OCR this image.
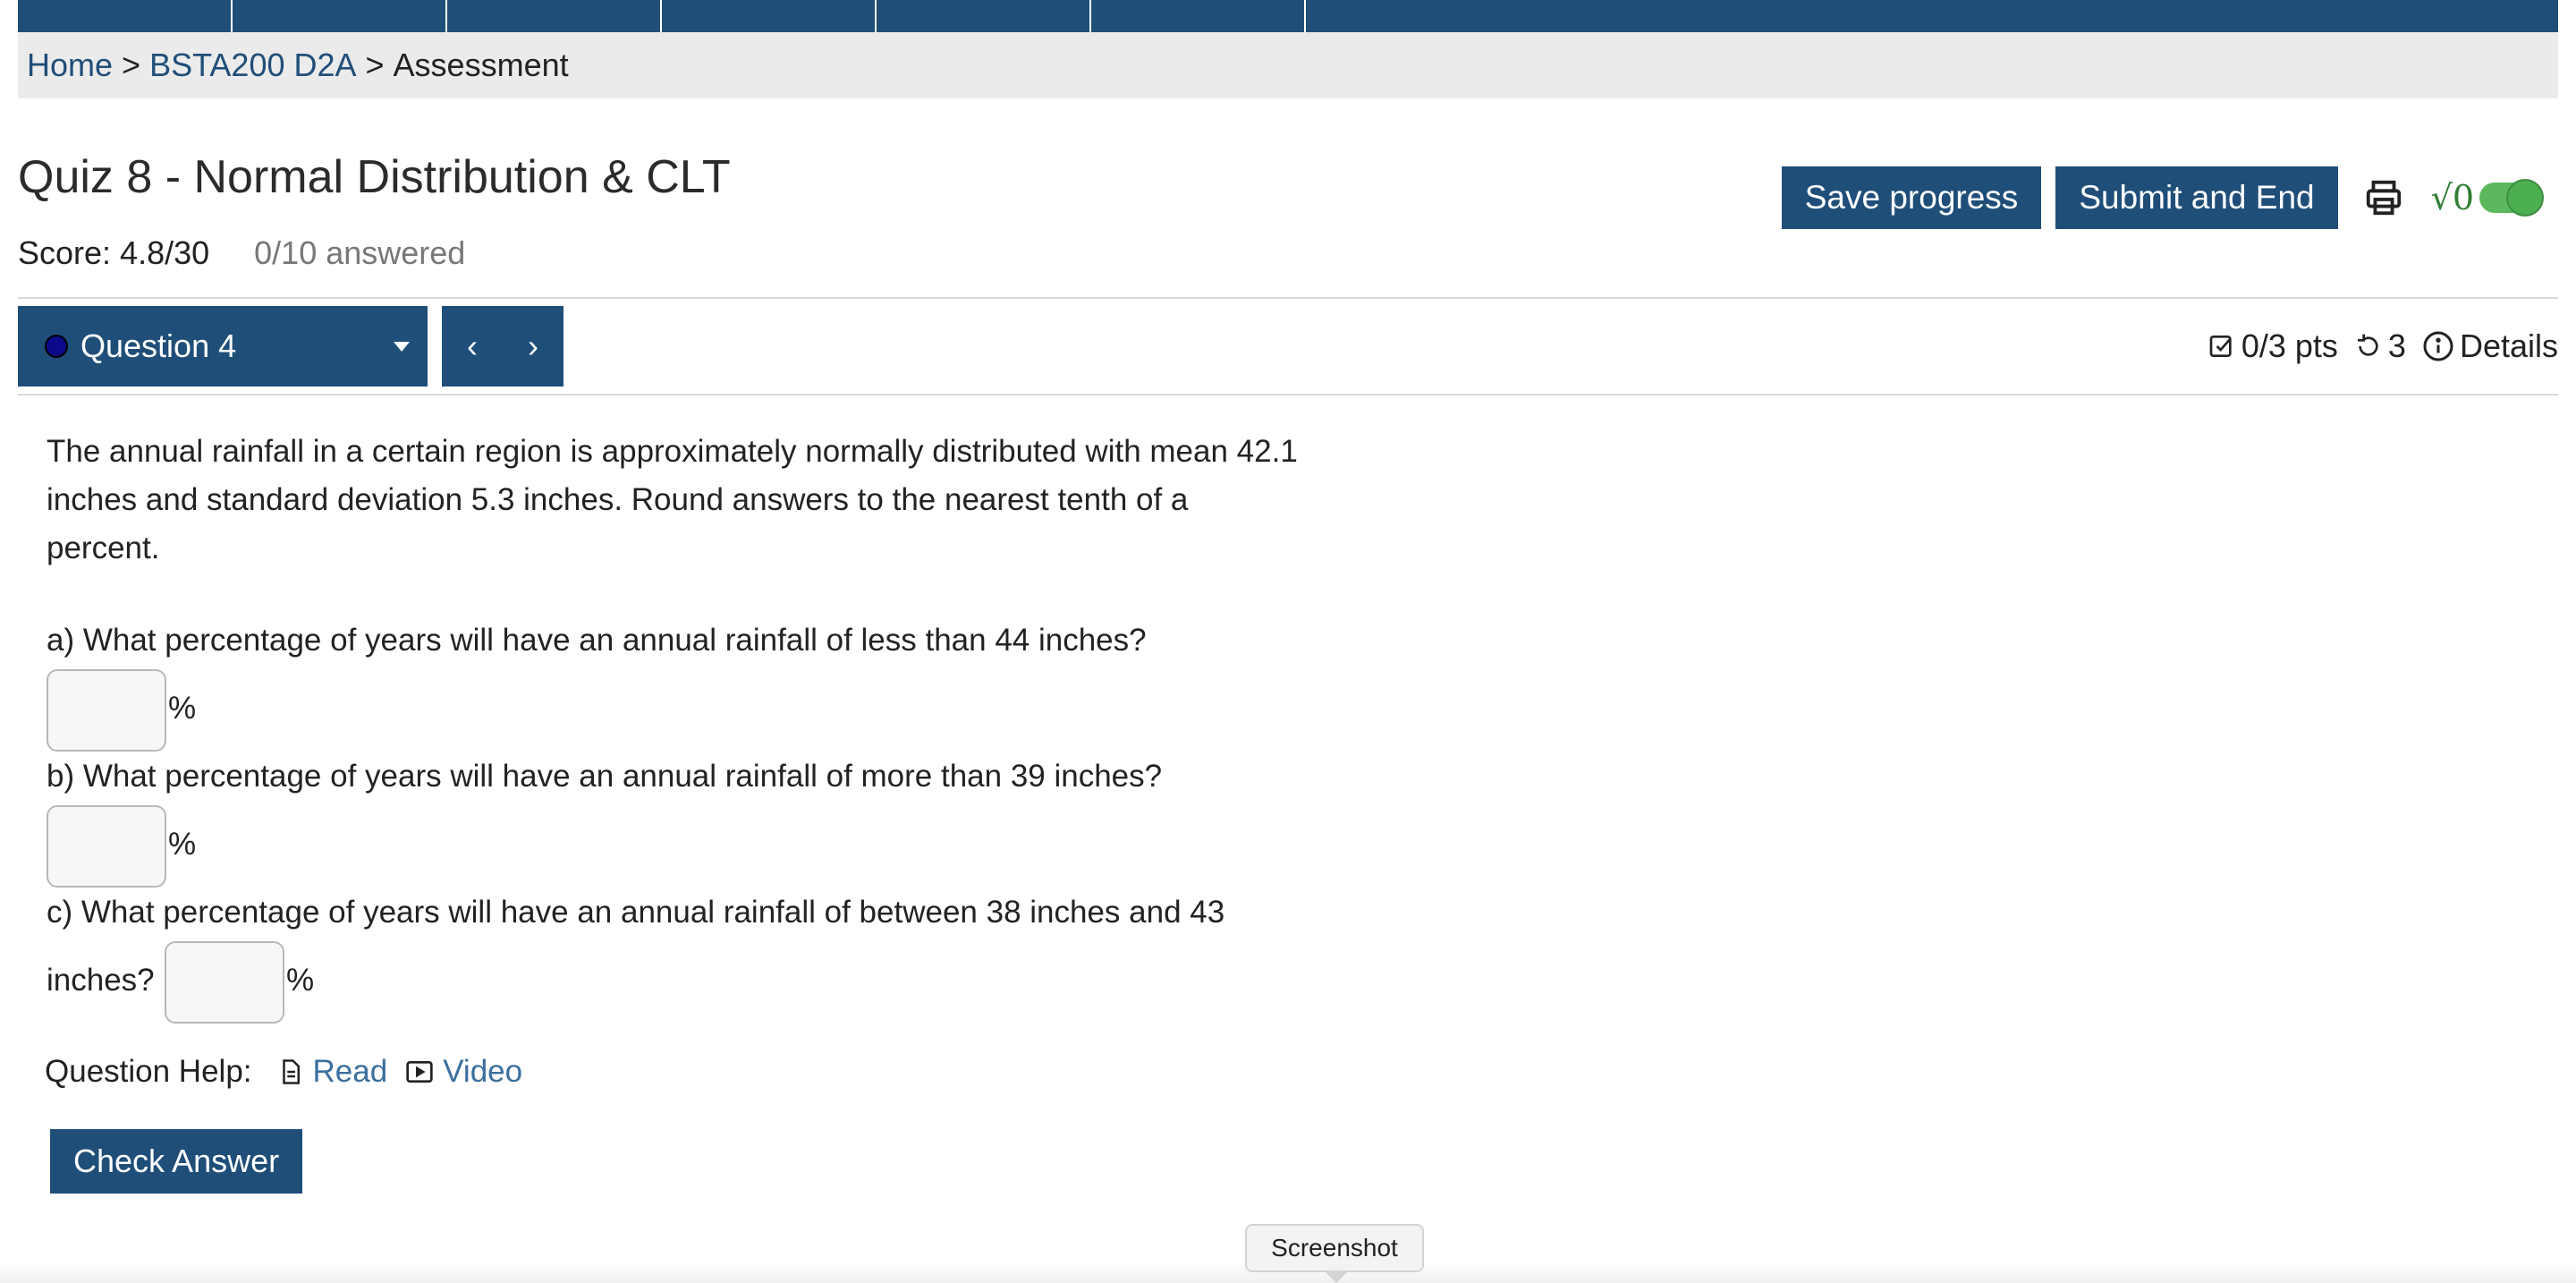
Home > BSTA200 D2A > Assessment
Quiz 8 - Normal Distribution & CLT
Score: 4.8/30 0/10 answered
Save progress	Submit and End	√0
Question 4	‹ ›	0/3 pts 3 Details

The annual rainfall in a certain region is approximately normally distributed with mean 42.1 inches and standard deviation 5.3 inches. Round answers to the nearest tenth of a percent.

a) What percentage of years will have an annual rainfall of less than 44 inches?
%
b) What percentage of years will have an annual rainfall of more than 39 inches?
%
c) What percentage of years will have an annual rainfall of between 38 inches and 43
inches?	%
Question Help: Read Video
Check Answer
Screenshot
